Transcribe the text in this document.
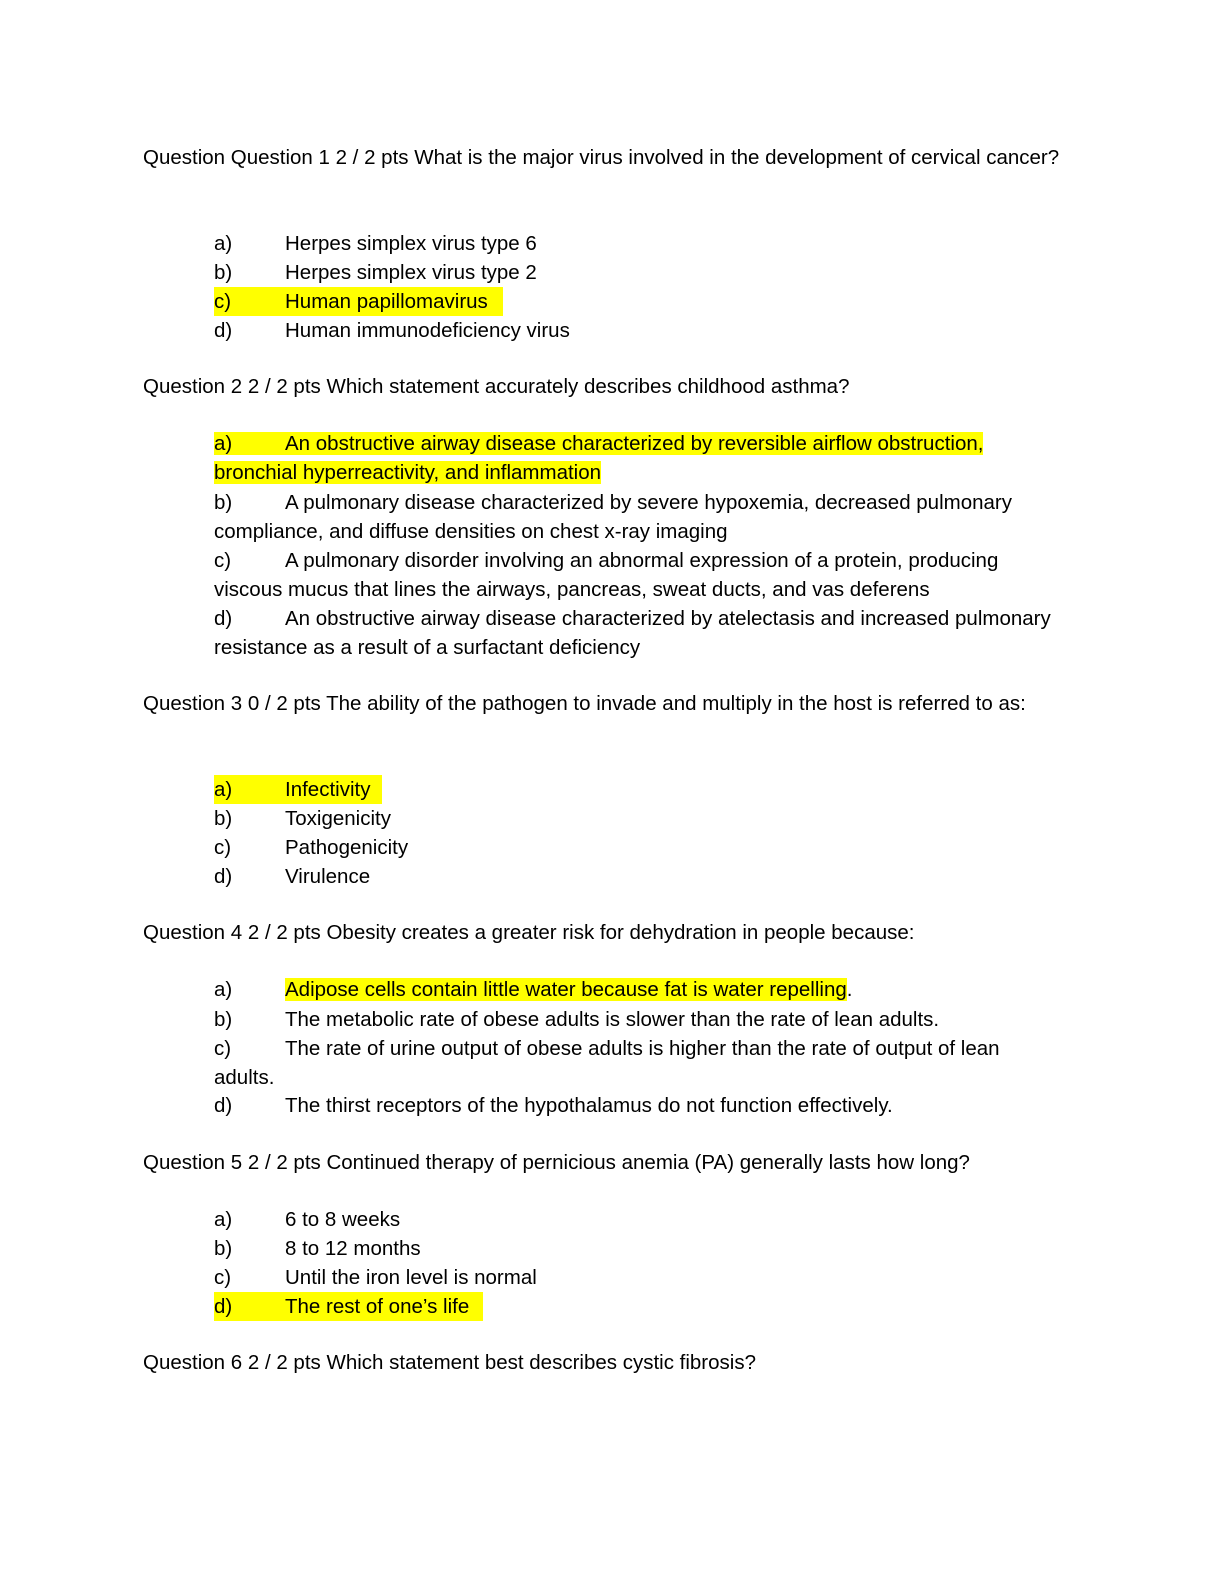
Question Question 1 2 / 2 pts What is the major virus involved in the development of cervical cancer?

a)	Herpes simplex virus type 6
b)	Herpes simplex virus type 2
c)	Human papillomavirus
d)	Human immunodeficiency virus

Question 2 2 / 2 pts Which statement accurately describes childhood asthma?

a)	An obstructive airway disease characterized by reversible airflow obstruction, bronchial hyperreactivity, and inflammation

b)	A pulmonary disease characterized by severe hypoxemia, decreased pulmonary compliance, and diffuse densities on chest x-ray imaging

c)	A pulmonary disorder involving an abnormal expression of a protein, producing viscous mucus that lines the airways, pancreas, sweat ducts, and vas deferens

d)	An obstructive airway disease characterized by atelectasis and increased pulmonary resistance as a result of a surfactant deficiency

Question 3 0 / 2 pts The ability of the pathogen to invade and multiply in the host is referred to as:

a)	Infectivity
b)	Toxigenicity
c)	Pathogenicity
d)	Virulence

Question 4 2 / 2 pts Obesity creates a greater risk for dehydration in people because:

a)	Adipose cells contain little water because fat is water repelling.
b)	The metabolic rate of obese adults is slower than the rate of lean adults.

c)	The rate of urine output of obese adults is higher than the rate of output of lean adults.

d)	The thirst receptors of the hypothalamus do not function effectively.

Question 5 2 / 2 pts Continued therapy of pernicious anemia (PA) generally lasts how long?

a)	6 to 8 weeks
b)	8 to 12 months
c)	Until the iron level is normal
d)	The rest of one’s life

Question 6 2 / 2 pts Which statement best describes cystic fibrosis?
